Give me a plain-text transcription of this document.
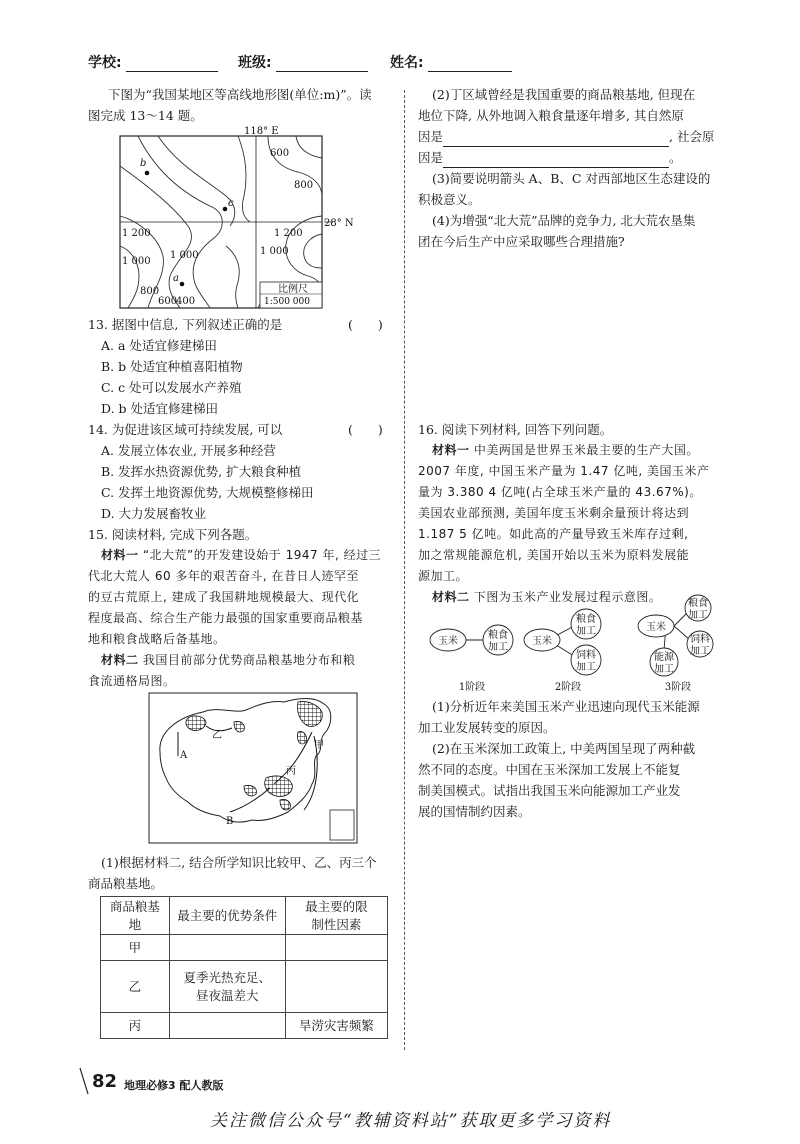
学校:	班级:	姓名:
下图为“我国某地区等高线地形图(单位:m)”。读
图完成 13～14 题。
118° E
28° N
600
800
1 200
1 000
1 200
1 000
1 000
800
600
400
b
a
c
比例尺
1:500 000
13. 据图中信息, 下列叙述正确的是	(　　)
A. a 处适宜修建梯田
B. b 处适宜种植喜阳植物
C. c 处可以发展水产养殖
D. b 处适宜修建梯田
14. 为促进该区域可持续发展, 可以	(　　)
A. 发展立体农业, 开展多种经营
B. 发挥水热资源优势, 扩大粮食种植
C. 发挥土地资源优势, 大规模整修梯田
D. 大力发展畜牧业
15. 阅读材料, 完成下列各题。
材料一 “北大荒”的开发建设始于 1947 年, 经过三
代北大荒人 60 多年的艰苦奋斗, 在昔日人迹罕至
的豆古荒原上, 建成了我国耕地规模最大、现代化
程度最高、综合生产能力最强的国家重要商品粮基
地和粮食战略后备基地。
材料二 我国目前部分优势商品粮基地分布和粮
食流通格局图。
乙
甲
丙
A
B
(1)根据材料二, 结合所学知识比较甲、乙、丙三个
商品粮基地。
商品粮基地	最主要的优势条件	最主要的限
制性因素

甲		
乙	夏季光热充足、
昼夜温差大	

丙		旱涝灾害频繁
(2)丁区域曾经是我国重要的商品粮基地, 但现在
地位下降, 从外地调入粮食量逐年增多, 其自然原
因是	, 社会原
因是	。
(3)简要说明箭头 A、B、C 对西部地区生态建设的
积极意义。
(4)为增强“北大荒”品牌的竞争力, 北大荒农垦集
团在今后生产中应采取哪些合理措施?
16. 阅读下列材料, 回答下列问题。
材料一 中美两国是世界玉米最主要的生产大国。
2007 年度, 中国玉米产量为 1.47 亿吨, 美国玉米产
量为 3.380 4 亿吨(占全球玉米产量的 43.67%)。
美国农业部预测, 美国年度玉米剩余量预计将达到
1.187 5 亿吨。如此高的产量导致玉米库存过剩,
加之常规能源危机, 美国开始以玉米为原料发展能
源加工。
材料二 下图为玉米产业发展过程示意图。
玉米
粮食
加工
玉米
粮食
加工
饲料
加工
玉米
粮食
加工
饲料
加工
能源
加工
1阶段	2阶段	3阶段
(1)分析近年来美国玉米产业迅速向现代玉米能源
加工业发展转变的原因。
(2)在玉米深加工政策上, 中美两国呈现了两种截
然不同的态度。中国在玉米深加工发展上不能复
制美国模式。试指出我国玉米向能源加工产业发
展的国情制约因素。
82 地理必修3 配人教版
关注微信公众号“教辅资料站”获取更多学习资料
